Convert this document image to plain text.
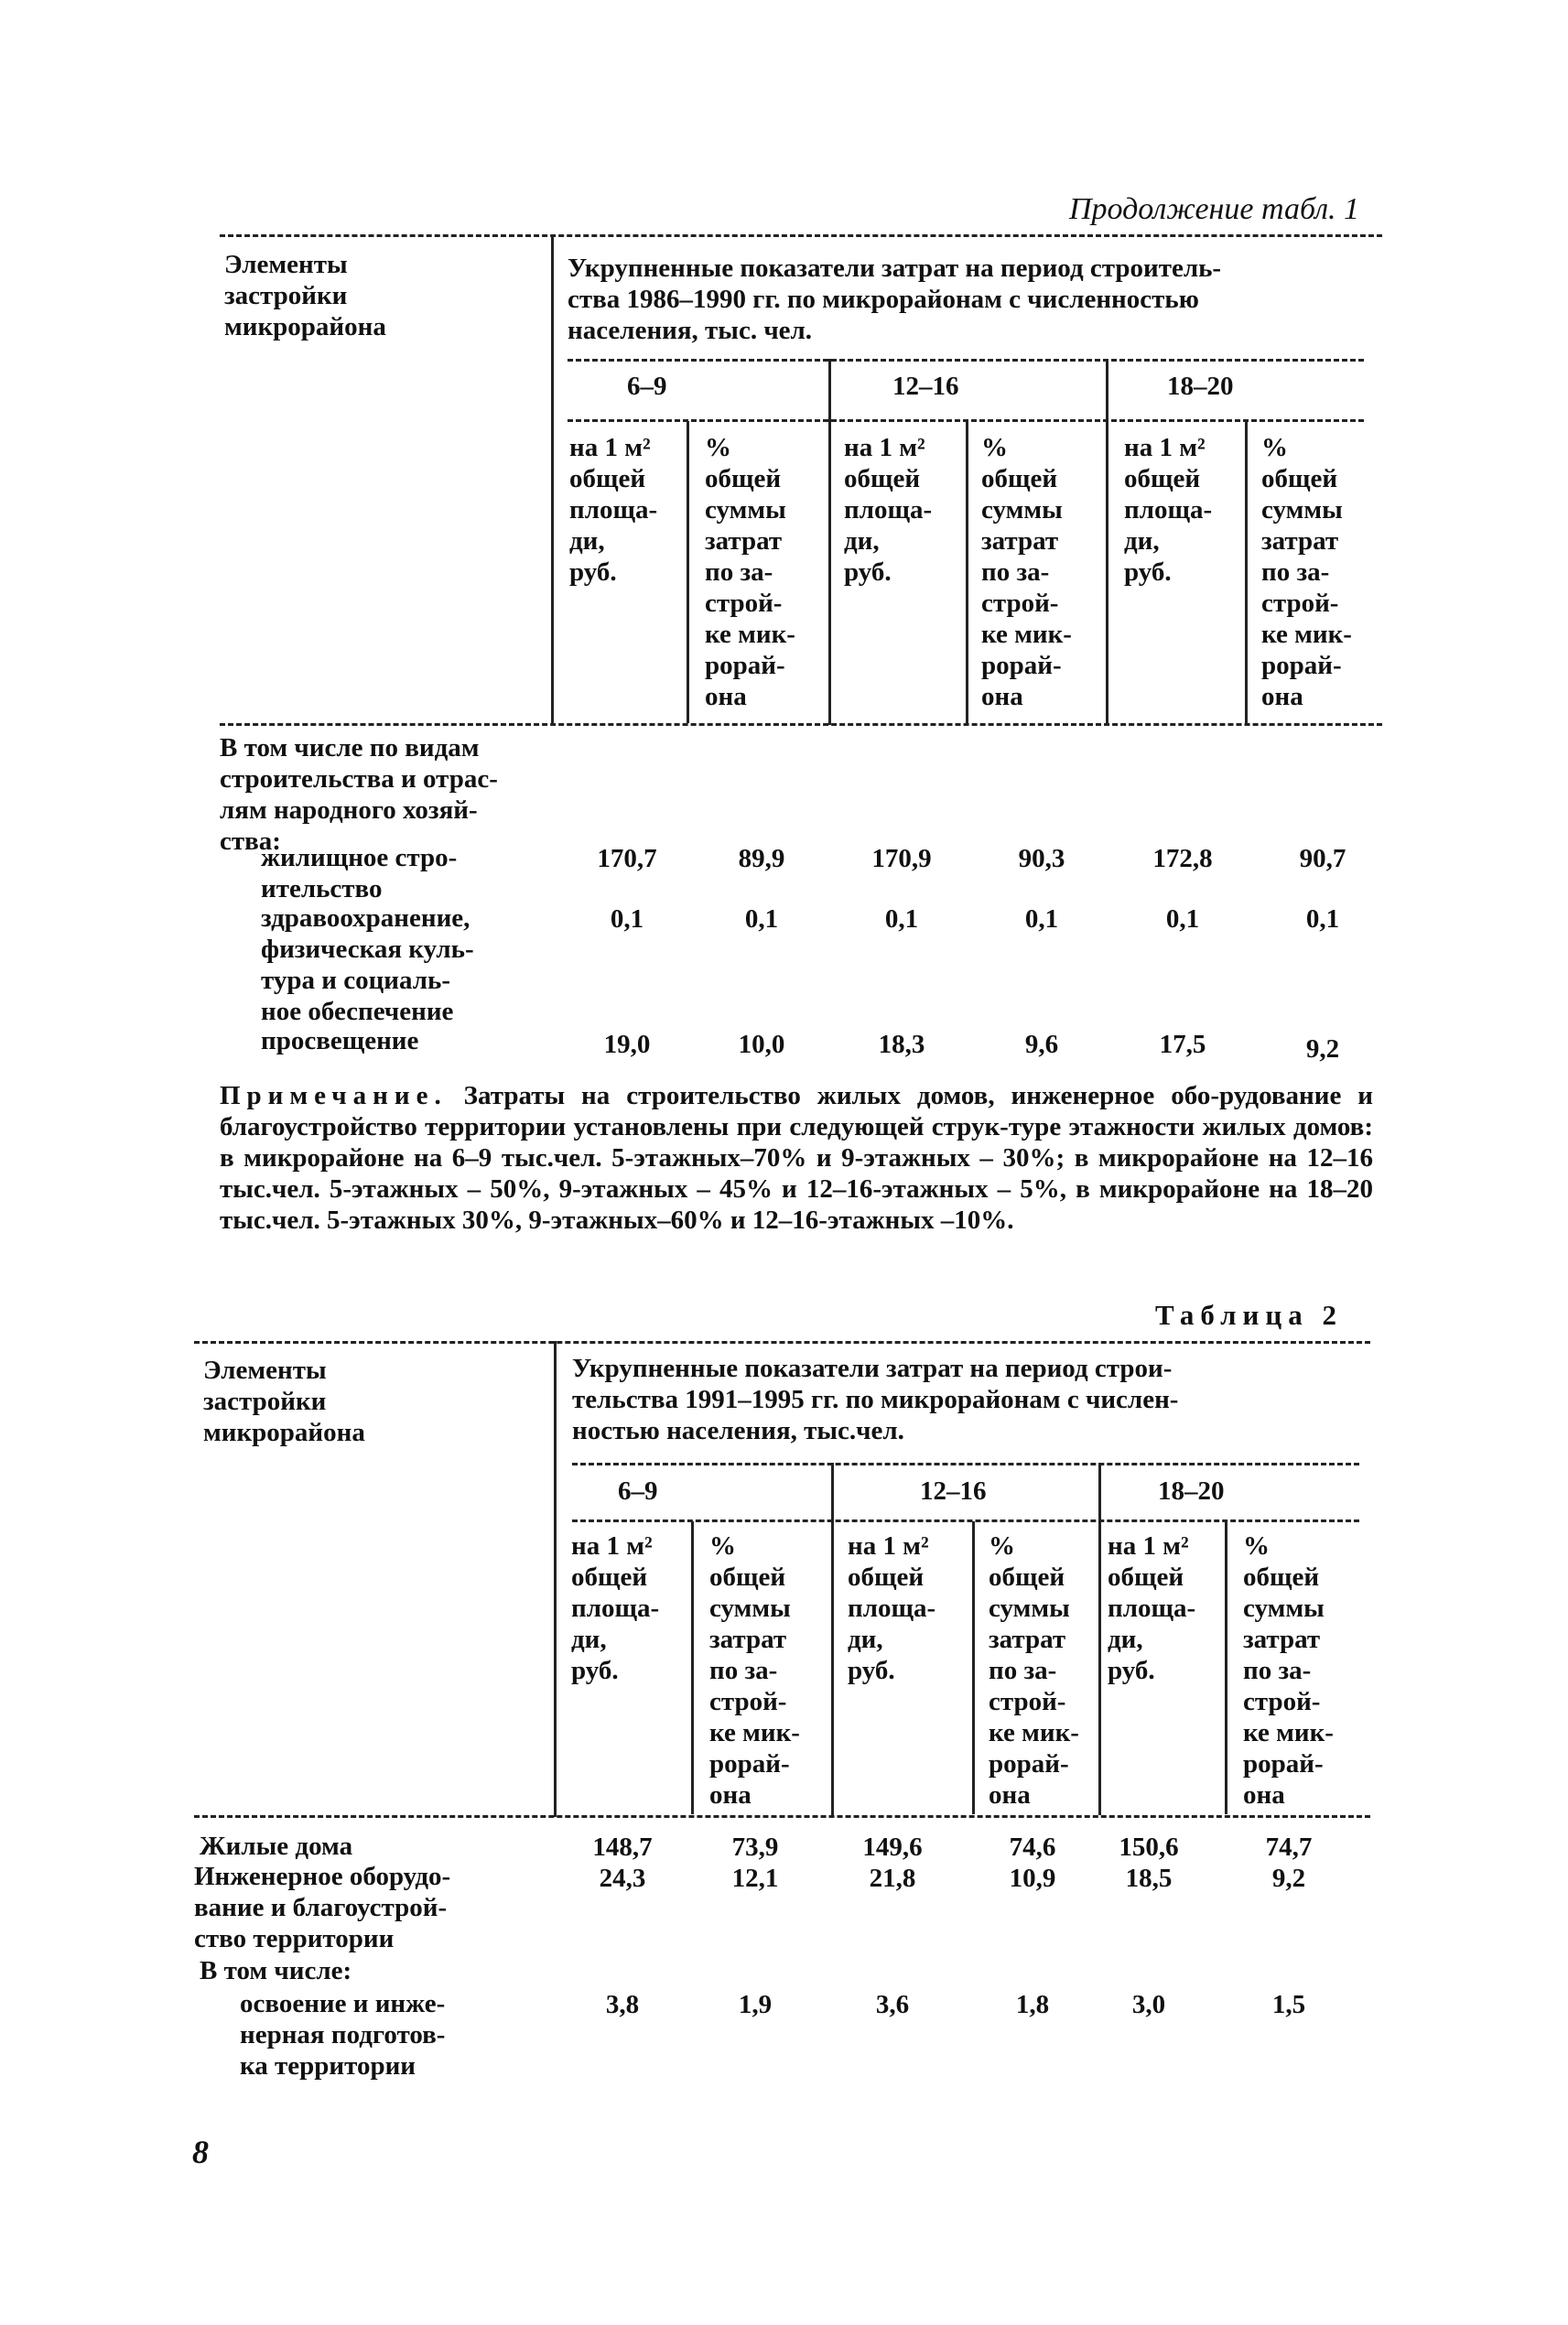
Продолжение табл. 1
Элементы
застройки
микрорайона
Укрупненные показатели затрат на период строитель-
ства 1986–1990 гг. по микрорайонам с численностью
населения, тыс. чел.
6–9	12–16	18–20
на 1 м²
общей
площа-
ди,
руб.
%
общей
суммы
затрат
по за-
строй-
ке мик-
рорай-
она
на 1 м²
общей
площа-
ди,
руб.
%
общей
суммы
затрат
по за-
строй-
ке мик-
рорай-
она
на 1 м²
общей
площа-
ди,
руб.
%
общей
суммы
затрат
по за-
строй-
ке мик-
рорай-
она
В том числе по видам
строительства и отрас-
лям народного хозяй-
ства:
жилищное стро-
ительство
170,7	89,9	170,9	90,3	172,8	90,7
здравоохранение,
физическая куль-
тура и социаль-
ное обеспечение
0,1	0,1	0,1	0,1	0,1	0,1
просвещение	19,0	10,0	18,3	9,6	17,5	9,2
Примечание. Затраты на строительство жилых домов, инженерное обо-рудование и благоустройство территории установлены при следующей струк-туре этажности жилых домов: в микрорайоне на 6–9 тыс.чел. 5-этажных–70% и 9-этажных – 30%; в микрорайоне на 12–16 тыс.чел. 5-этажных – 50%, 9-этажных – 45% и 12–16-этажных – 5%, в микрорайоне на 18–20 тыс.чел. 5-этажных 30%, 9-этажных–60% и 12–16-этажных –10%.
Таблица 2
Элементы
застройки
микрорайона
Укрупненные показатели затрат на период строи-
тельства 1991–1995 гг. по микрорайонам с числен-
ностью населения, тыс.чел.
6–9	12–16	18–20
на 1 м²
общей
площа-
ди,
руб.
%
общей
суммы
затрат
по за-
строй-
ке мик-
рорай-
она
на 1 м²
общей
площа-
ди,
руб.
%
общей
суммы
затрат
по за-
строй-
ке мик-
рорай-
она
на 1 м²
общей
площа-
ди,
руб.
%
общей
суммы
затрат
по за-
строй-
ке мик-
рорай-
она
Жилые дома	148,7	73,9	149,6	74,6	150,6	74,7
Инженерное оборудо-
вание и благоустрой-
ство территории
24,3	12,1	21,8	10,9	18,5	9,2
В том числе:
освоение и инже-
нерная подготов-
ка территории
3,8	1,9	3,6	1,8	3,0	1,5
8
